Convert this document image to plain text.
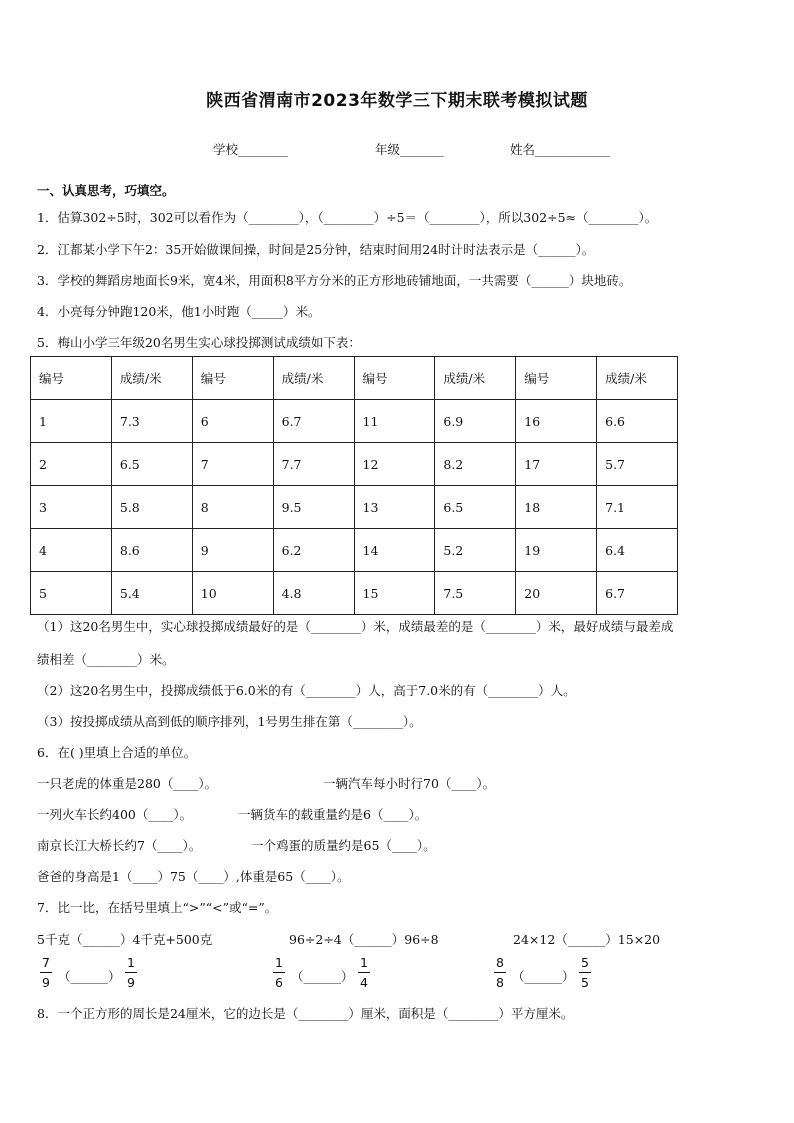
陕西省渭南市2023年数学三下期末联考模拟试题
学校________	年级_______	姓名____________
一、认真思考，巧填空。
1．估算302÷5时，302可以看作为（________），（________）÷5＝（________），所以302÷5≈（________）。
2．江都某小学下午2：35开始做课间操，时间是25分钟，结束时间用24时计时法表示是（______）。
3．学校的舞蹈房地面长9米，宽4米，用面积8平方分米的正方形地砖铺地面，一共需要（______）块地砖。
4．小亮每分钟跑120米，他1小时跑（_____）米。
5．梅山小学三年级20名男生实心球投掷测试成绩如下表：
编号	成绩/米	编号	成绩/米	编号	成绩/米	编号	成绩/米
1	7.3	6	6.7	11	6.9	16	6.6
2	6.5	7	7.7	12	8.2	17	5.7
3	5.8	8	9.5	13	6.5	18	7.1
4	8.6	9	6.2	14	5.2	19	6.4
5	5.4	10	4.8	15	7.5	20	6.7
（1）这20名男生中，实心球投掷成绩最好的是（________）米，成绩最差的是（________）米，最好成绩与最差成
绩相差（________）米。
（2）这20名男生中，投掷成绩低于6.0米的有（________）人，高于7.0米的有（________）人。
（3）按投掷成绩从高到低的顺序排列，1号男生排在第（________）。
6．在( )里填上合适的单位。
一只老虎的体重是280（____）。	一辆汽车每小时行70（____）。
一列火车长约400（____）。	一辆货车的载重量约是6（____）。
南京长江大桥长约7（____）。	一个鸡蛋的质量约是65（____）。
爸爸的身高是1（____）75（____）,体重是65（____）。
7．比一比，在括号里填上“>”“<”或“=”。
5千克（______）4千克+500克	96÷2÷4（______）96÷8	24×12（______）15×20
7
9 （______）
1
9
1
6 （______）
1
4
8
8 （______）
5
5
8．一个正方形的周长是24厘米，它的边长是（________）厘米，面积是（________）平方厘米。
